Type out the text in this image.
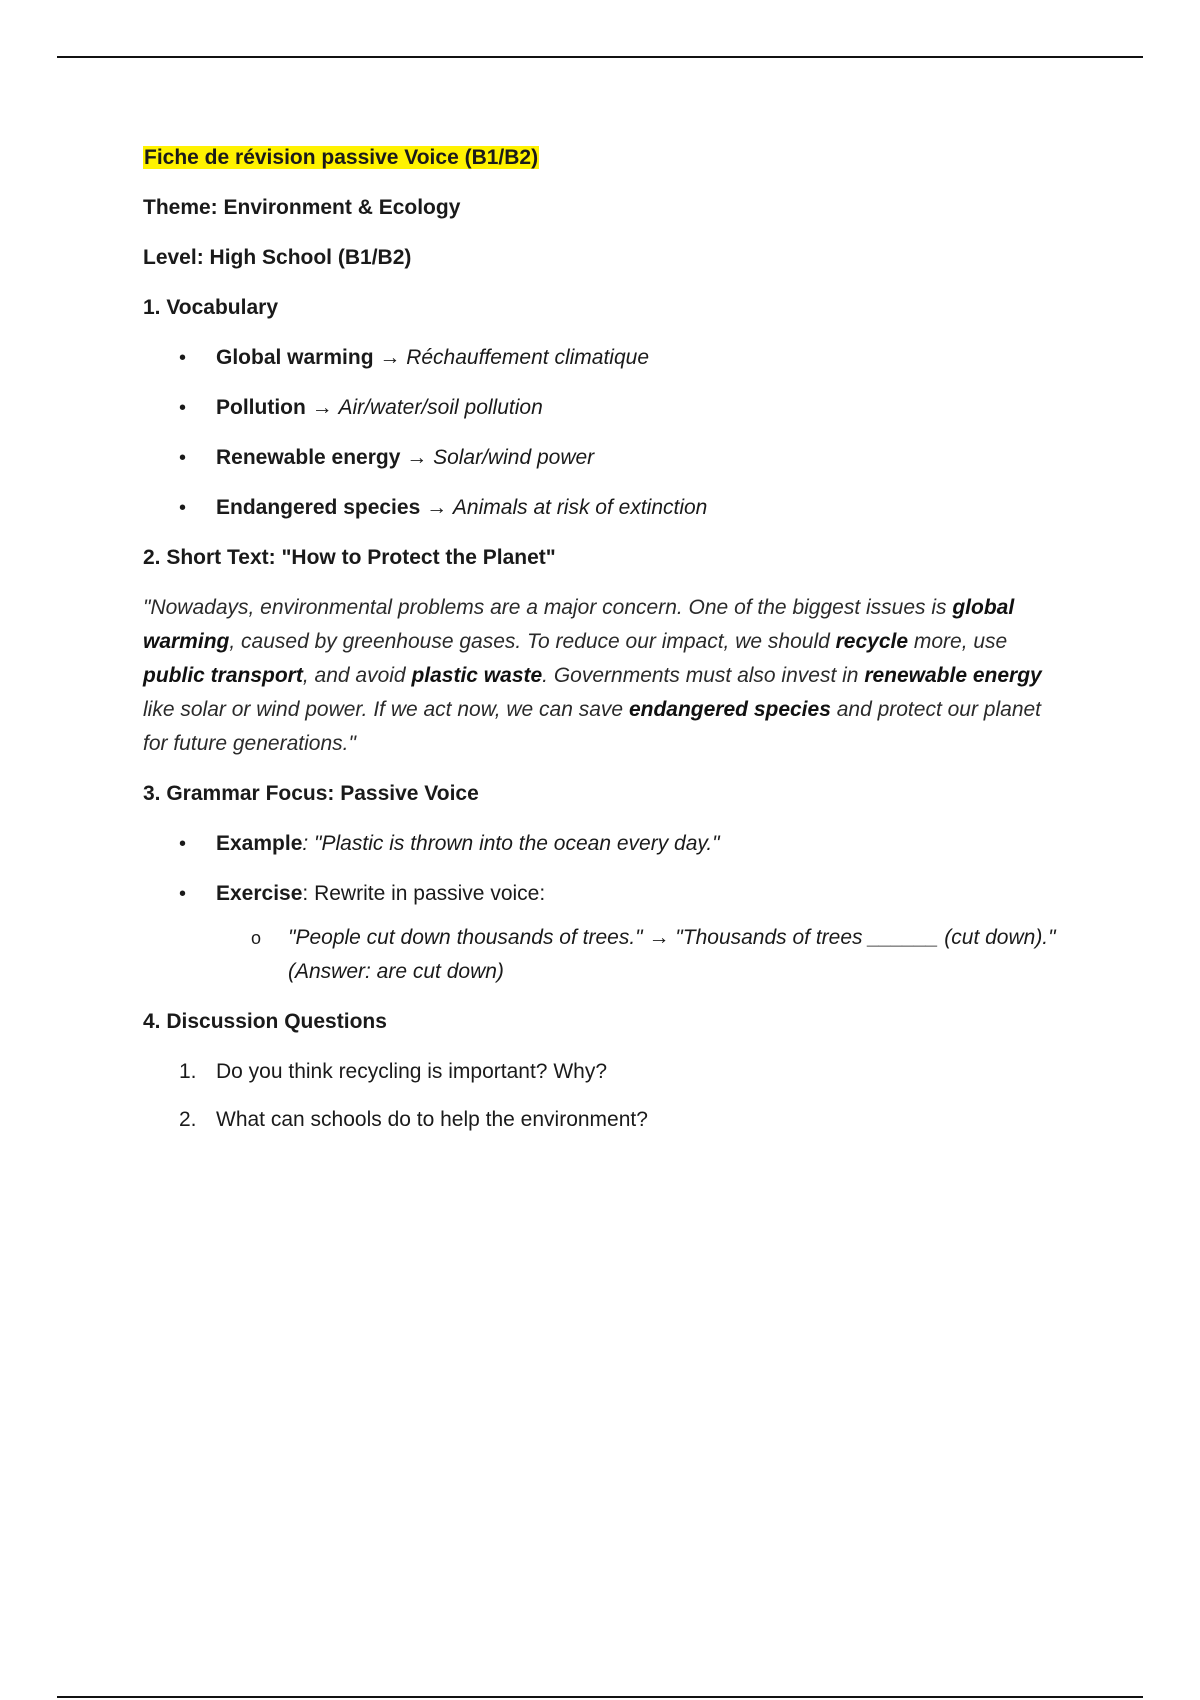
Fiche de révision passive Voice (B1/B2)

Theme: Environment & Ecology

Level: High School (B1/B2)

1. Vocabulary

• Global warming → Réchauffement climatique
• Pollution → Air/water/soil pollution
• Renewable energy → Solar/wind power
• Endangered species → Animals at risk of extinction

2. Short Text: "How to Protect the Planet"

"Nowadays, environmental problems are a major concern. One of the biggest issues is global warming, caused by greenhouse gases. To reduce our impact, we should recycle more, use public transport, and avoid plastic waste. Governments must also invest in renewable energy like solar or wind power. If we act now, we can save endangered species and protect our planet for future generations."

3. Grammar Focus: Passive Voice

• Example: "Plastic is thrown into the ocean every day."
• Exercise: Rewrite in passive voice:
o "People cut down thousands of trees." → "Thousands of trees ______ (cut down)."
(Answer: are cut down)

4. Discussion Questions

1. Do you think recycling is important? Why?
2. What can schools do to help the environment?
